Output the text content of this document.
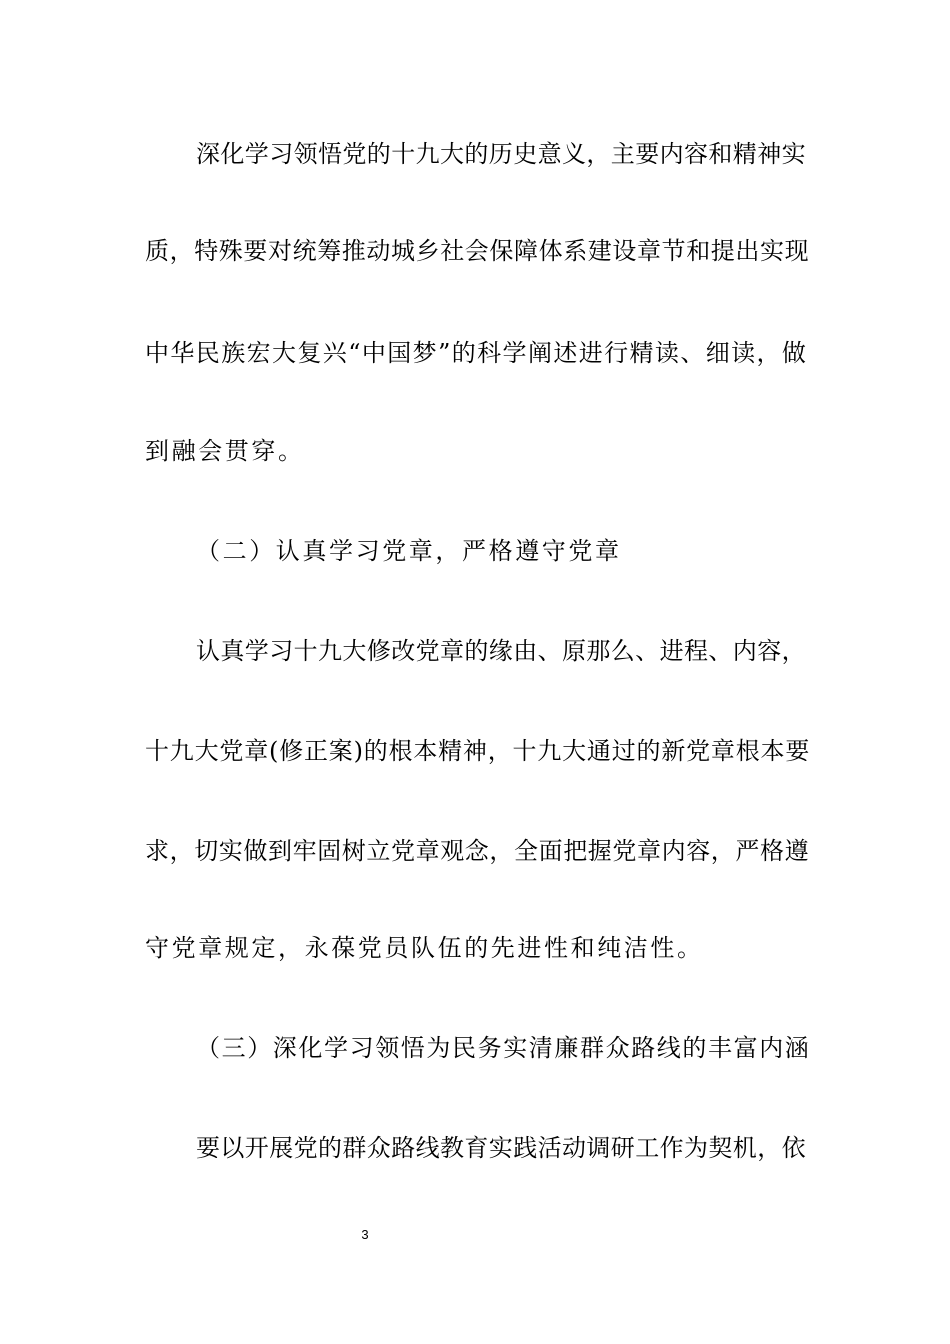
深化学习领悟党的十九大的历史意义，主要内容和精神实
质，特殊要对统筹推动城乡社会保障体系建设章节和提出实现
中华民族宏大复兴“中国梦”的科学阐述进行精读、细读，做
到融会贯穿。
（二）认真学习党章，严格遵守党章
认真学习十九大修改党章的缘由、原那么、进程、内容，
十九大党章(修正案)的根本精神，十九大通过的新党章根本要
求，切实做到牢固树立党章观念，全面把握党章内容，严格遵
守党章规定，永葆党员队伍的先进性和纯洁性。
（三）深化学习领悟为民务实清廉群众路线的丰富内涵
要以开展党的群众路线教育实践活动调研工作为契机，依
3
